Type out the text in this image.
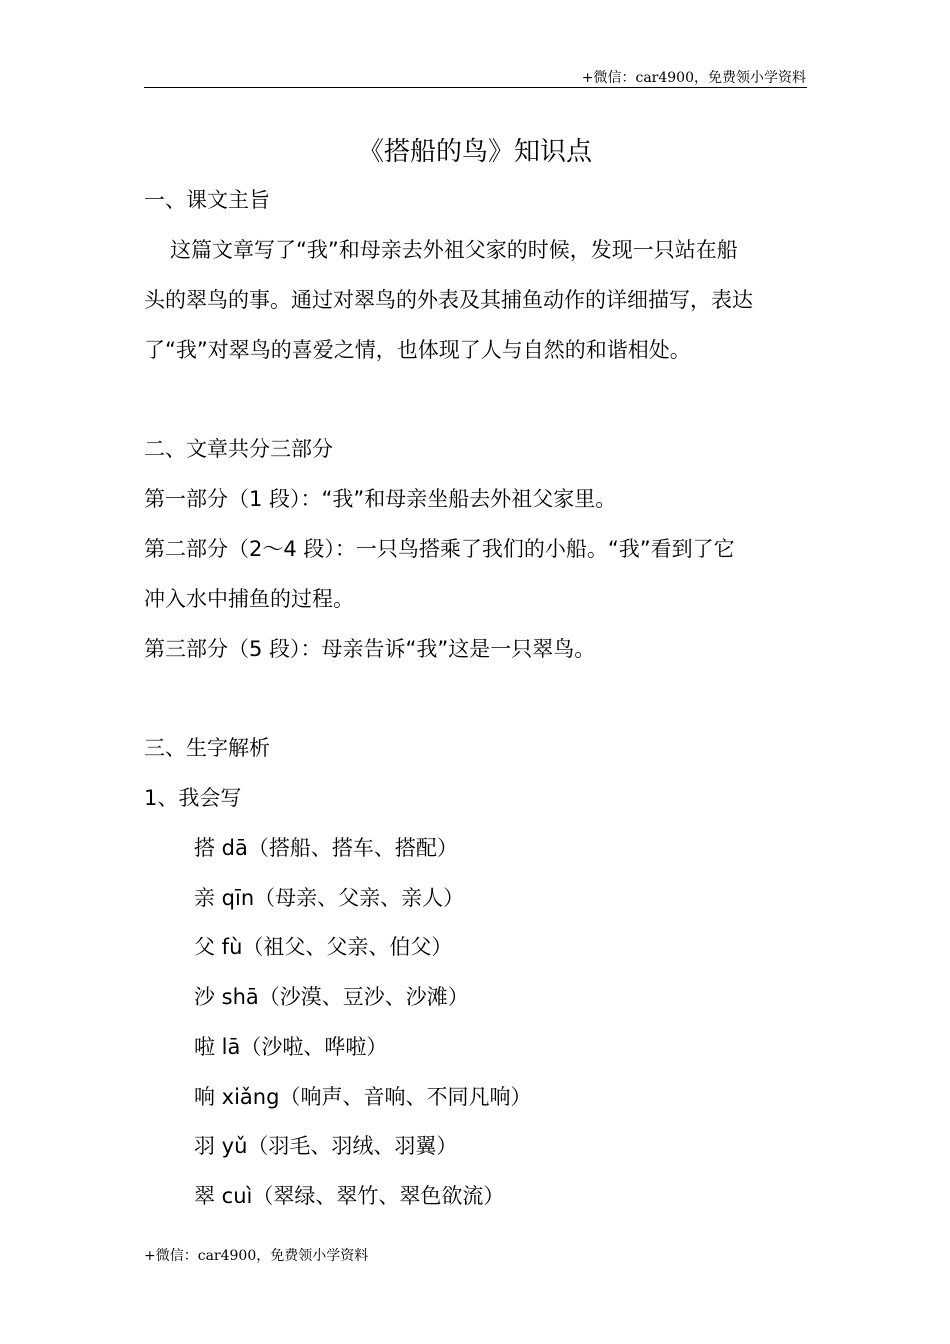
+微信：car4900，免费领小学资料
《搭船的鸟》知识点
一、课文主旨
这篇文章写了“我”和母亲去外祖父家的时候，发现一只站在船
头的翠鸟的事。通过对翠鸟的外表及其捕鱼动作的详细描写，表达
了“我”对翠鸟的喜爱之情，也体现了人与自然的和谐相处。
二、文章共分三部分
第一部分（1 段）：“我”和母亲坐船去外祖父家里。
第二部分（2～4 段）：一只鸟搭乘了我们的小船。“我”看到了它
冲入水中捕鱼的过程。
第三部分（5 段）：母亲告诉“我”这是一只翠鸟。
三、生字解析
1、我会写
搭 dā（搭船、搭车、搭配）
亲 qīn（母亲、父亲、亲人）
父 fù（祖父、父亲、伯父）
沙 shā（沙漠、豆沙、沙滩）
啦 lā（沙啦、哗啦）
响 xiǎng（响声、音响、不同凡响）
羽 yǔ（羽毛、羽绒、羽翼）
翠 cuì（翠绿、翠竹、翠色欲流）
+微信：car4900，免费领小学资料
